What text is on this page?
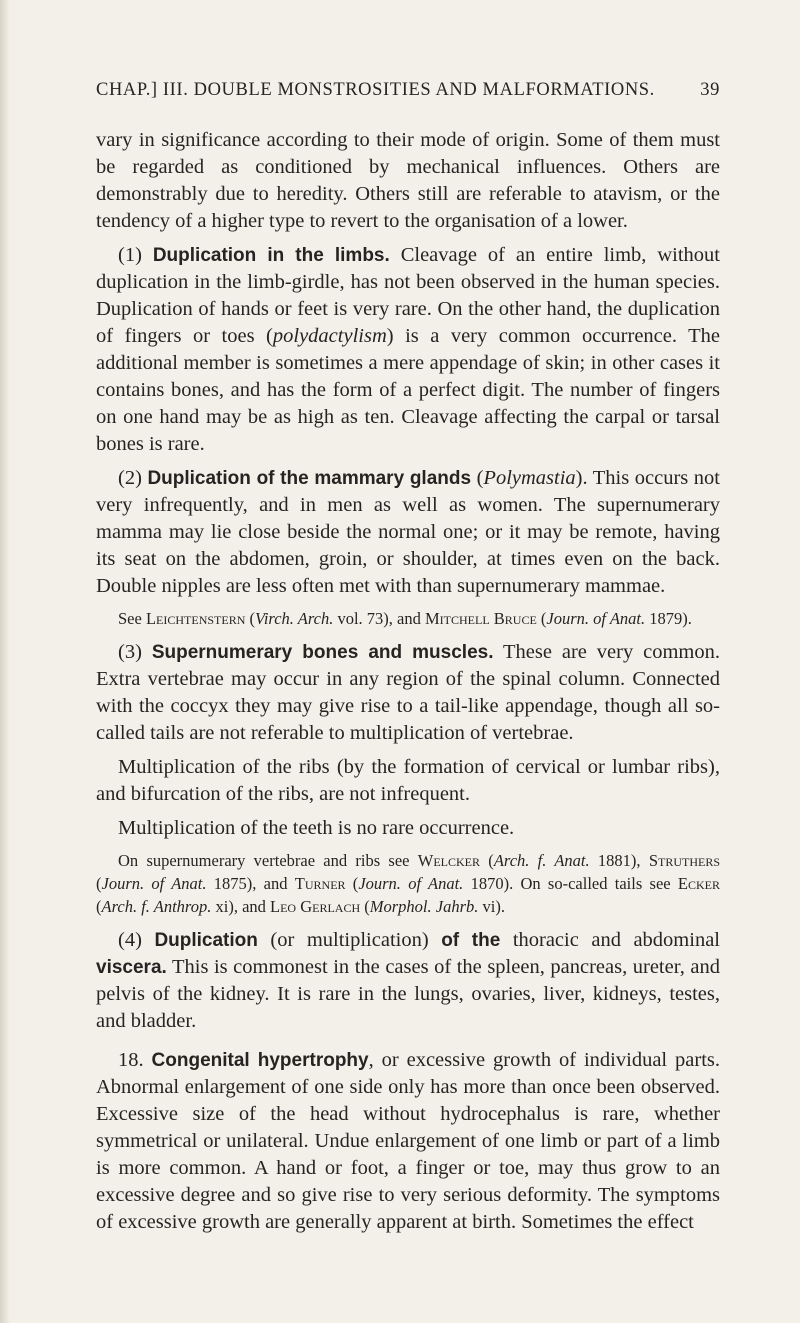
CHAP.] III. DOUBLE MONSTROSITIES AND MALFORMATIONS. 39

vary in significance according to their mode of origin. Some of them must be regarded as conditioned by mechanical influences. Others are demonstrably due to heredity. Others still are referable to atavism, or the tendency of a higher type to revert to the organisation of a lower.

(1) Duplication in the limbs. Cleavage of an entire limb, without duplication in the limb-girdle, has not been observed in the human species. Duplication of hands or feet is very rare. On the other hand, the duplication of fingers or toes (polydactylism) is a very common occurrence. The additional member is sometimes a mere appendage of skin; in other cases it contains bones, and has the form of a perfect digit. The number of fingers on one hand may be as high as ten. Cleavage affecting the carpal or tarsal bones is rare.

(2) Duplication of the mammary glands (Polymastia). This occurs not very infrequently, and in men as well as women. The supernumerary mamma may lie close beside the normal one; or it may be remote, having its seat on the abdomen, groin, or shoulder, at times even on the back. Double nipples are less often met with than supernumerary mammae.

See Leichtenstern (Virch. Arch. vol. 73), and Mitchell Bruce (Journ. of Anat. 1879).

(3) Supernumerary bones and muscles. These are very common. Extra vertebrae may occur in any region of the spinal column. Connected with the coccyx they may give rise to a tail-like appendage, though all so-called tails are not referable to multiplication of vertebrae.

Multiplication of the ribs (by the formation of cervical or lumbar ribs), and bifurcation of the ribs, are not infrequent.

Multiplication of the teeth is no rare occurrence.

On supernumerary vertebrae and ribs see Welcker (Arch. f. Anat. 1881), Struthers (Journ. of Anat. 1875), and Turner (Journ. of Anat. 1870). On so-called tails see Ecker (Arch. f. Anthrop. xi), and Leo Gerlach (Morphol. Jahrb. vi).

(4) Duplication (or multiplication) of the thoracic and abdominal viscera. This is commonest in the cases of the spleen, pancreas, ureter, and pelvis of the kidney. It is rare in the lungs, ovaries, liver, kidneys, testes, and bladder.

18. Congenital hypertrophy, or excessive growth of individual parts. Abnormal enlargement of one side only has more than once been observed. Excessive size of the head without hydrocephalus is rare, whether symmetrical or unilateral. Undue enlargement of one limb or part of a limb is more common. A hand or foot, a finger or toe, may thus grow to an excessive degree and so give rise to very serious deformity. The symptoms of excessive growth are generally apparent at birth. Sometimes the effect
